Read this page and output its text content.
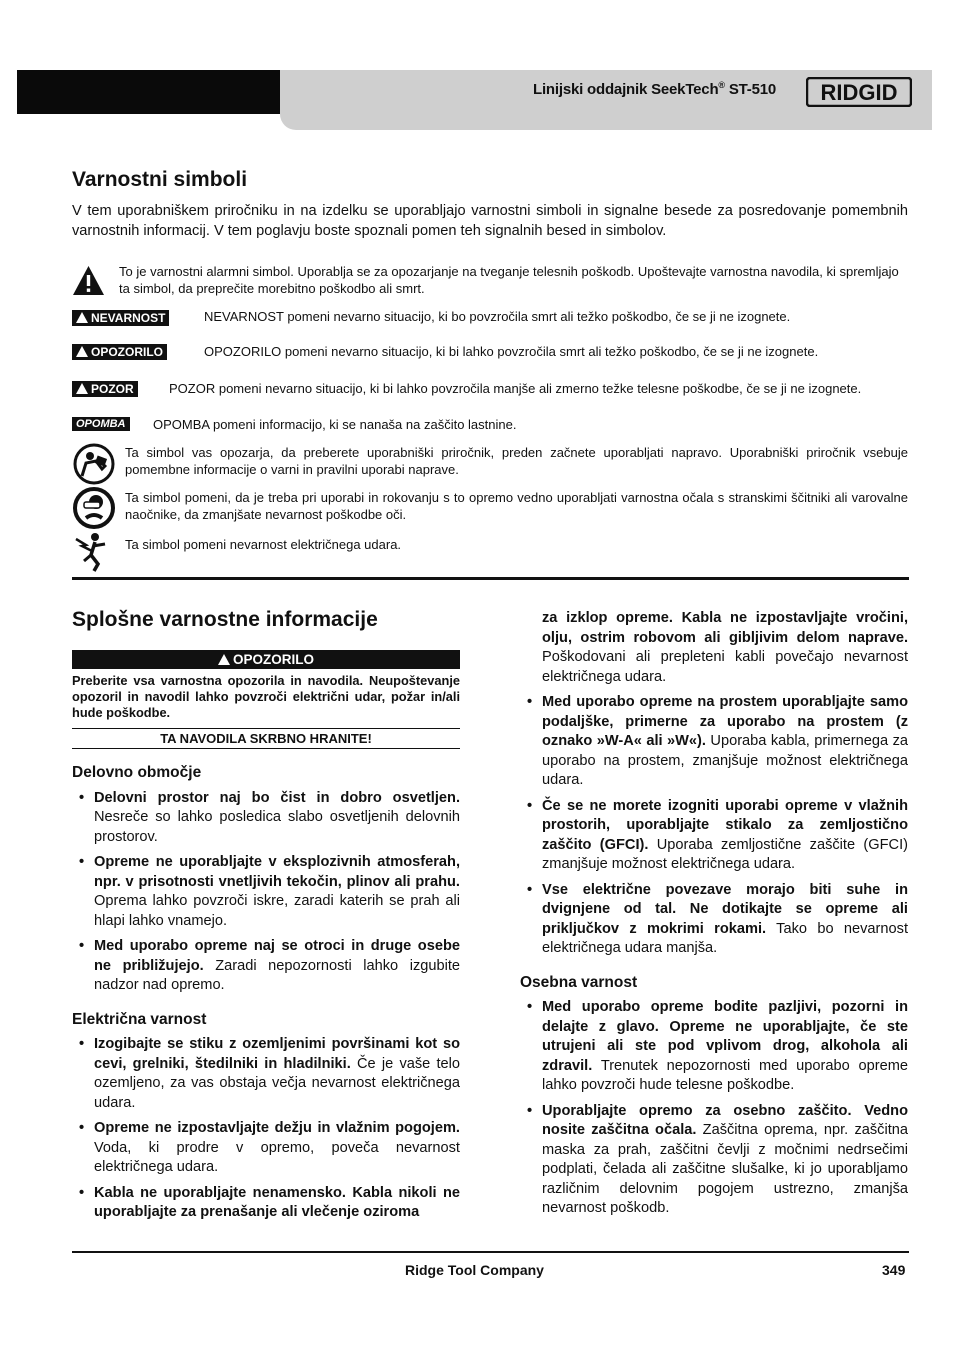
Linijski oddajnik SeekTech® ST-510 RIDGID
Varnostni simboli
V tem uporabniškem priročniku in na izdelku se uporabljajo varnostni simboli in signalne besede za posredovanje pomembnih varnostnih informacij. V tem poglavju boste spoznali pomen teh signalnih besed in simbolov.
To je varnostni alarmni simbol. Uporablja se za opozarjanje na tveganje telesnih poškodb. Upoštevajte varnostna navodila, ki spremljajo ta simbol, da preprečite morebitno poškodbo ali smrt.
NEVARNOST	NEVARNOST pomeni nevarno situacijo, ki bo povzročila smrt ali težko poškodbo, če se ji ne izognete.
OPOZORILO	OPOZORILO pomeni nevarno situacijo, ki bi lahko povzročila smrt ali težko poškodbo, če se ji ne izognete.
POZOR	POZOR pomeni nevarno situacijo, ki bi lahko povzročila manjše ali zmerno težke telesne poškodbe, če se ji ne izognete.
OPOMBA	OPOMBA pomeni informacijo, ki se nanaša na zaščito lastnine.
Ta simbol vas opozarja, da preberete uporabniški priročnik, preden začnete uporabljati napravo. Uporabniški priročnik vsebuje pomembne informacije o varni in pravilni uporabi naprave.
Ta simbol pomeni, da je treba pri uporabi in rokovanju s to opremo vedno uporabljati varnostna očala s stranskimi ščitniki ali varovalne naočnike, da zmanjšate nevarnost poškodbe oči.
Ta simbol pomeni nevarnost električnega udara.
Splošne varnostne informacije
OPOZORILO
Preberite vsa varnostna opozorila in navodila. Neupoštevanje opozoril in navodil lahko povzroči električni udar, požar in/ali hude poškodbe.
TA NAVODILA SKRBNO HRANITE!
Delovno območje
• Delovni prostor naj bo čist in dobro osvetljen. Nesreče so lahko posledica slabo osvetljenih delovnih prostorov.
• Opreme ne uporabljajte v eksplozivnih atmosferah, npr. v prisotnosti vnetljivih tekočin, plinov ali prahu. Oprema lahko povzroči iskre, zaradi katerih se prah ali hlapi lahko vnamejo.
• Med uporabo opreme naj se otroci in druge osebe ne približujejo. Zaradi nepozornosti lahko izgubite nadzor nad opremo.
Električna varnost
• Izogibajte se stiku z ozemljenimi površinami kot so cevi, grelniki, štedilniki in hladilniki. Če je vaše telo ozemljeno, za vas obstaja večja nevarnost električnega udara.
• Opreme ne izpostavljajte dežju in vlažnim pogojem. Voda, ki prodre v opremo, poveča nevarnost električnega udara.
• Kabla ne uporabljajte nenamensko. Kabla nikoli ne uporabljajte za prenašanje ali vlečenje oziroma

za izklop opreme. Kabla ne izpostavljajte vročini, olju, ostrim robovom ali gibljivim delom naprave. Poškodovani ali prepleteni kabli povečajo nevarnost električnega udara.

• Med uporabo opreme na prostem uporabljajte samo podaljške, primerne za uporabo na prostem (z oznako »W-A« ali »W«). Uporaba kabla, primernega za uporabo na prostem, zmanjšuje možnost električnega udara.
• Če se ne morete izogniti uporabi opreme v vlažnih prostorih, uporabljajte stikalo za zemljostično zaščito (GFCI). Uporaba zemljostične zaščite (GFCI) zmanjšuje možnost električnega udara.
• Vse električne povezave morajo biti suhe in dvignjene od tal. Ne dotikajte se opreme ali priključkov z mokrimi rokami. Tako bo nevarnost električnega udara manjša.
Osebna varnost
• Med uporabo opreme bodite pazljivi, pozorni in delajte z glavo. Opreme ne uporabljajte, če ste utrujeni ali ste pod vplivom drog, alkohola ali zdravil. Trenutek nepozornosti med uporabo opreme lahko povzroči hude telesne poškodbe.
• Uporabljajte opremo za osebno zaščito. Vedno nosite zaščitna očala. Zaščitna oprema, npr. zaščitna maska za prah, zaščitni čevlji z močnimi nedrsečimi podplati, čelada ali zaščitne slušalke, ki jo uporabljamo različnim delovnim pogojem ustrezno, zmanjša nevarnost poškodb.
Ridge Tool Company	349
